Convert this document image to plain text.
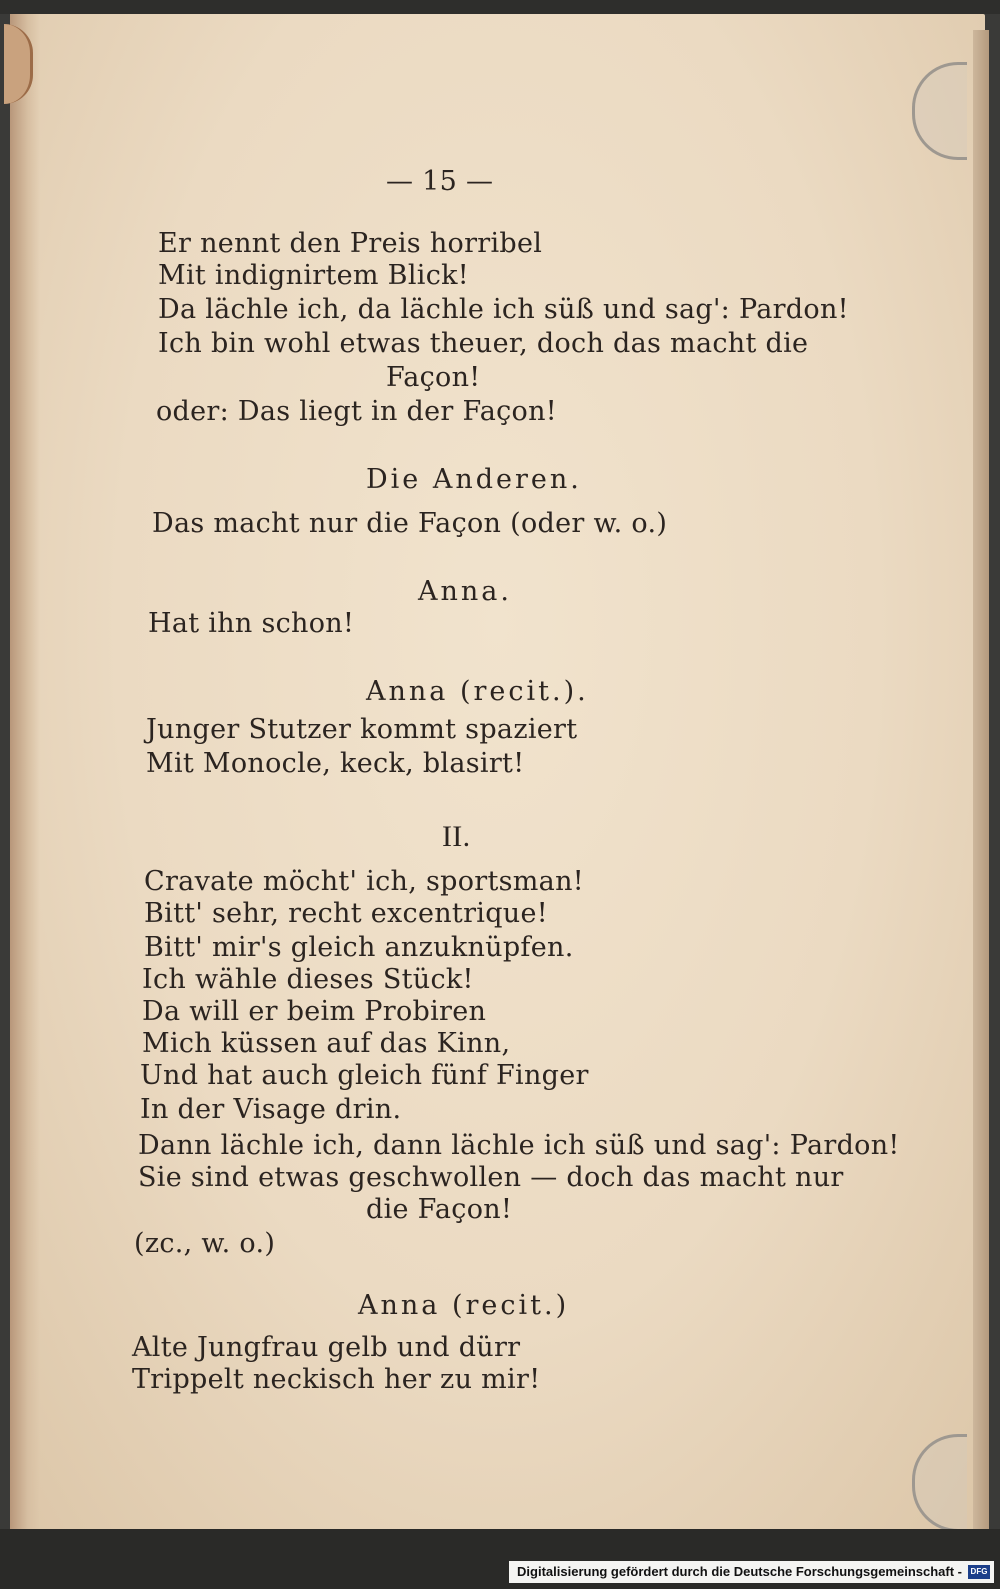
— 15 —
Er nennt den Preis horribel
Mit indignirtem Blick!
Da lächle ich, da lächle ich süß und sag': Pardon!
Ich bin wohl etwas theuer, doch das macht die
Façon!
oder: Das liegt in der Façon!
Die Anderen.
Das macht nur die Façon (oder w. o.)
Anna.
Hat ihn schon!
Anna (recit.).
Junger Stutzer kommt spaziert
Mit Monocle, keck, blasirt!
II.
Cravate möcht' ich, sportsman!
Bitt' sehr, recht excentrique!
Bitt' mir's gleich anzuknüpfen.
Ich wähle dieses Stück!
Da will er beim Probiren
Mich küssen auf das Kinn,
Und hat auch gleich fünf Finger
In der Visage drin.
Dann lächle ich, dann lächle ich süß und sag': Pardon!
Sie sind etwas geschwollen — doch das macht nur
die Façon!
(zc., w. o.)
Anna (recit.)
Alte Jungfrau gelb und dürr
Trippelt neckisch her zu mir!
Digitalisierung gefördert durch die Deutsche Forschungsgemeinschaft -	DFG
